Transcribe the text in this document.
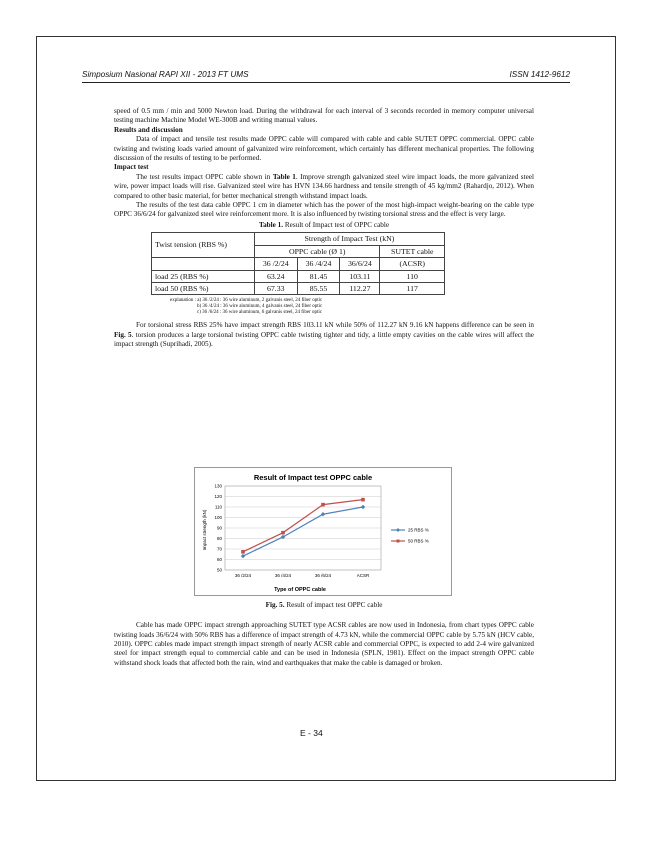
Simposium Nasional RAPI XII - 2013 FT UMS	ISSN 1412-9612

speed of 0.5 mm / min and 5000 Newton load. During the withdrawal for each interval of 3 seconds recorded in memory computer universal testing machine Machine Model WE-300B and writing manual values.

Results and discussion

Data of impact and tensile test results made OPPC cable will compared with cable and cable SUTET OPPC commercial. OPPC cable twisting and twisting loads varied amount of galvanized wire reinforcement, which certainly has different mechanical properties. The following discussion of the results of testing to be performed.

Impact test

The test results impact OPPC cable shown in Table 1. Improve strength galvanized steel wire impact loads, the more galvanized steel wire, power impact loads will rise. Galvanized steel wire has HVN 134.66 hardness and tensile strength of 45 kg/mm2 (Rahardjo, 2012). When compared to other basic material, for better mechanical strength withstand impact loads.

The results of the test data cable OPPC 1 cm in diameter which has the power of the most high-impact weight-bearing on the cable type OPPC 36/6/24 for galvanized steel wire reinforcement more. It is also influenced by twisting torsional stress and the effect is very large.

Table 1. Result of Impact test of OPPC cable
Twist tension (RBS %)	Strength of Impact Test (kN)			
	OPPC cable (Ø 1)			SUTET cable
	36 /2/24	36 /4/24	36/6/24	(ACSR)
load 25 (RBS %)	63.24	81.45	103.11	110
load 50 (RBS %)	67.33	85.55	112.27	117
explanation : a) 36 /2/24 : 36 wire aluminum, 2 galvanis steel, 24 fiber optic
b) 36 /4/24 : 36 wire aluminum, 4 galvanis steel, 24 fiber optic
c) 36 /6/24 : 36 wire aluminum, 6 galvanis steel, 24 fiber optic

For torsional stress RBS 25% have impact strength RBS 103.11 kN while 50% of 112.27 kN 9.16 kN happens difference can be seen in Fig. 5. torsion produces a large torsional twisting OPPC cable twisting tighter and tidy, a little empty cavities on the cable wires will affect the impact strength (Suprihadi, 2005).

Result of Impact test OPPC cable
Type of OPPC cable
Impact strength (kN)
50
60
70
80
90
100
110
120
130
36 /2/24	36 /4/24	36 /6/24	ACSR
25 RBS %
50 RBS %
Fig. 5. Result of impact test OPPC cable

Cable has made OPPC impact strength approaching SUTET type ACSR cables are now used in Indonesia, from chart types OPPC cable twisting loads 36/6/24 with 50% RBS has a difference of impact strength of 4.73 kN, while the commercial OPPC cable by 5.75 kN (HCV cable, 2010). OPPC cables made impact strength impact strength of nearly ACSR cable and commercial OPPC, is expected to add 2-4 wire galvanized steel for impact strength equal to commercial cable and can be used in Indonesia (SPLN, 1981). Effect on the impact strength OPPC cable withstand shock loads that affected both the rain, wind and earthquakes that make the cable is damaged or broken.

E - 34
